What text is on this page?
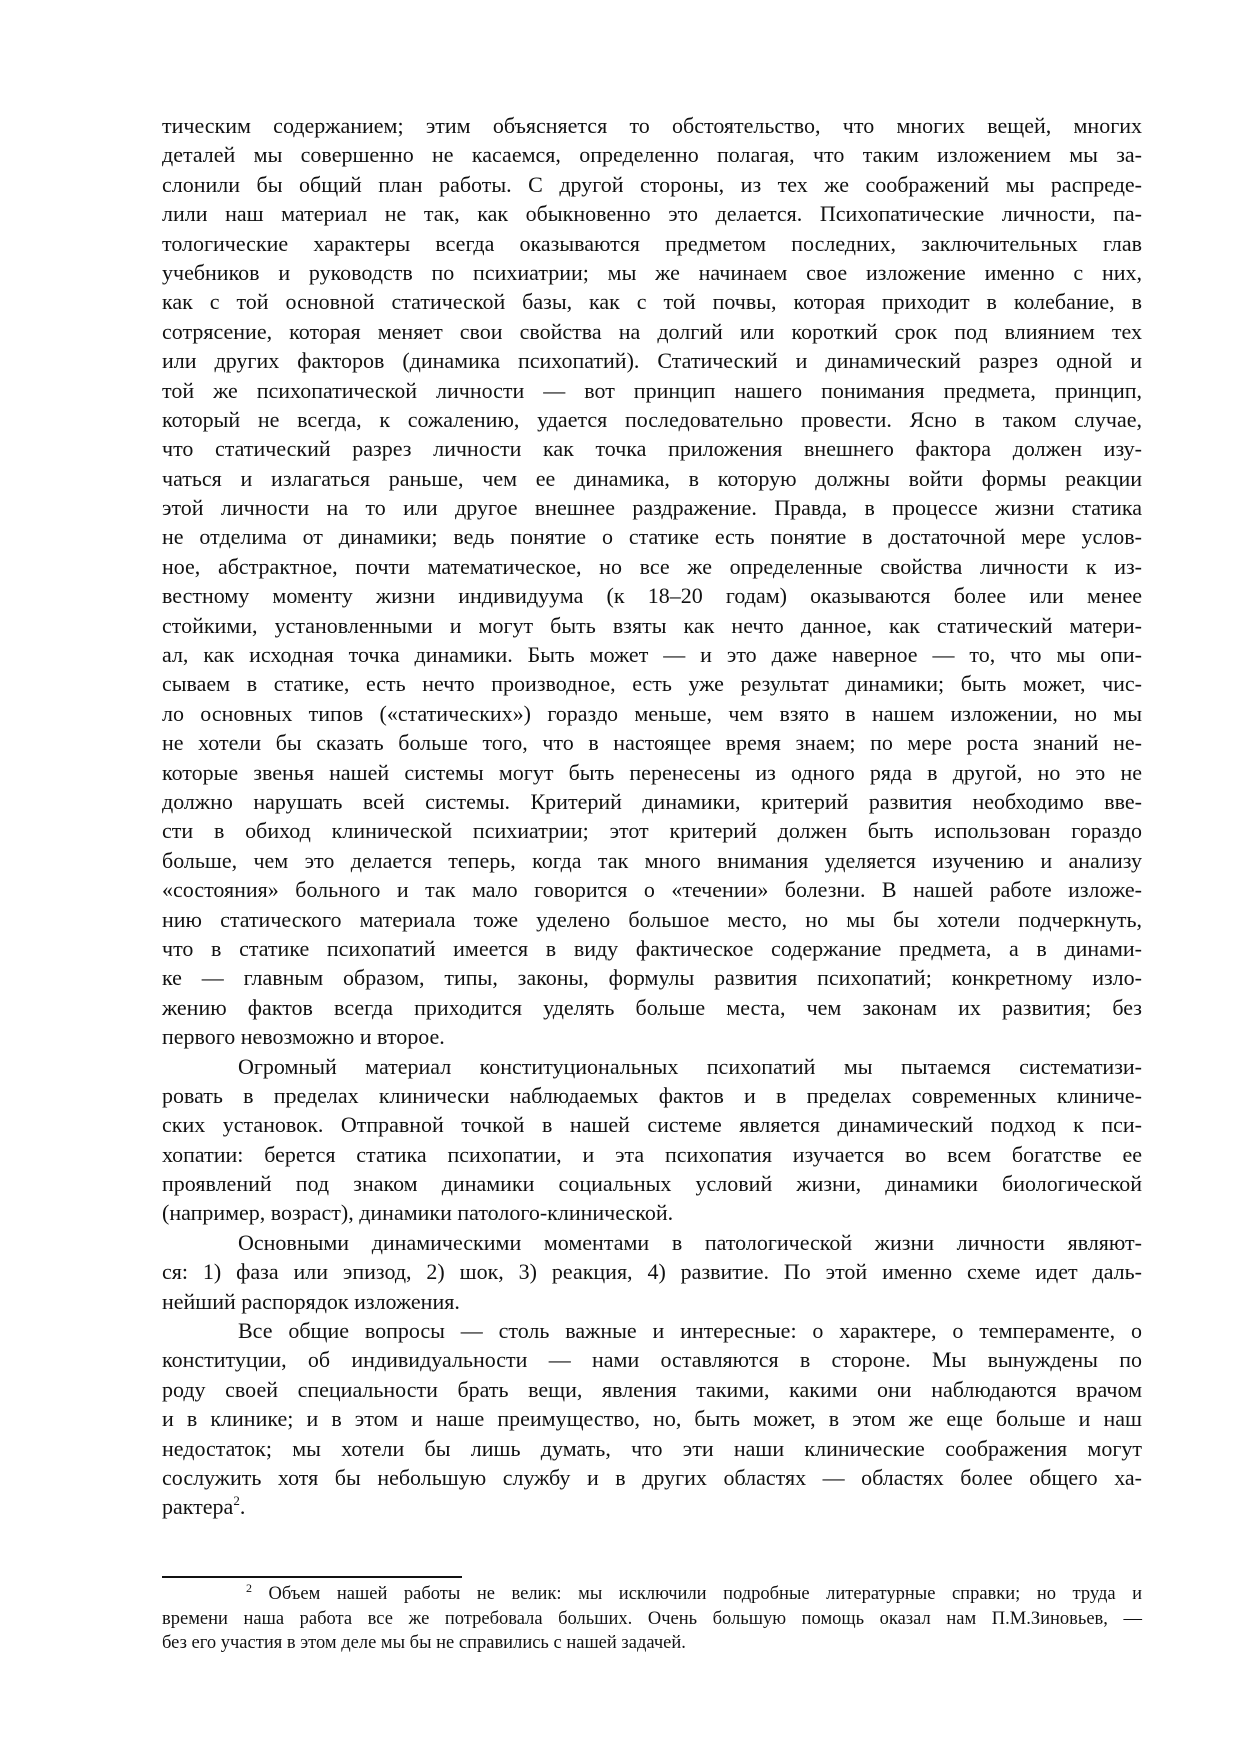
тическим содержанием; этим объясняется то обстоятельство, что многих вещей, многих
деталей мы совершенно не касаемся, определенно полагая, что таким изложением мы за-
слонили бы общий план работы. С другой стороны, из тех же соображений мы распреде-
лили наш материал не так, как обыкновенно это делается. Психопатические личности, па-
тологические характеры всегда оказываются предметом последних, заключительных глав
учебников и руководств по психиатрии; мы же начинаем свое изложение именно с них,
как с той основной статической базы, как с той почвы, которая приходит в колебание, в
сотрясение, которая меняет свои свойства на долгий или короткий срок под влиянием тех
или других факторов (динамика психопатий). Статический и динамический разрез одной и
той же психопатической личности — вот принцип нашего понимания предмета, принцип,
который не всегда, к сожалению, удается последовательно провести. Ясно в таком случае,
что статический разрез личности как точка приложения внешнего фактора должен изу-
чаться и излагаться раньше, чем ее динамика, в которую должны войти формы реакции
этой личности на то или другое внешнее раздражение. Правда, в процессе жизни статика
не отделима от динамики; ведь понятие о статике есть понятие в достаточной мере услов-
ное, абстрактное, почти математическое, но все же определенные свойства личности к из-
вестному моменту жизни индивидуума (к 18–20 годам) оказываются более или менее
стойкими, установленными и могут быть взяты как нечто данное, как статический матери-
ал, как исходная точка динамики. Быть может — и это даже наверное — то, что мы опи-
сываем в статике, есть нечто производное, есть уже результат динамики; быть может, чис-
ло основных типов («статических») гораздо меньше, чем взято в нашем изложении, но мы
не хотели бы сказать больше того, что в настоящее время знаем; по мере роста знаний не-
которые звенья нашей системы могут быть перенесены из одного ряда в другой, но это не
должно нарушать всей системы. Критерий динамики, критерий развития необходимо вве-
сти в обиход клинической психиатрии; этот критерий должен быть использован гораздо
больше, чем это делается теперь, когда так много внимания уделяется изучению и анализу
«состояния» больного и так мало говорится о «течении» болезни. В нашей работе изложе-
нию статического материала тоже уделено большое место, но мы бы хотели подчеркнуть,
что в статике психопатий имеется в виду фактическое содержание предмета, а в динами-
ке — главным образом, типы, законы, формулы развития психопатий; конкретному изло-
жению фактов всегда приходится уделять больше места, чем законам их развития; без
первого невозможно и второе.
Огромный материал конституциональных психопатий мы пытаемся систематизи-
ровать в пределах клинически наблюдаемых фактов и в пределах современных клиниче-
ских установок. Отправной точкой в нашей системе является динамический подход к пси-
хопатии: берется статика психопатии, и эта психопатия изучается во всем богатстве ее
проявлений под знаком динамики социальных условий жизни, динамики биологической
(например, возраст), динамики патолого-клинической.
Основными динамическими моментами в патологической жизни личности являют-
ся: 1) фаза или эпизод, 2) шок, 3) реакция, 4) развитие. По этой именно схеме идет даль-
нейший распорядок изложения.
Все общие вопросы — столь важные и интересные: о характере, о темпераменте, о
конституции, об индивидуальности — нами оставляются в стороне. Мы вынуждены по
роду своей специальности брать вещи, явления такими, какими они наблюдаются врачом
и в клинике; и в этом и наше преимущество, но, быть может, в этом же еще больше и наш
недостаток; мы хотели бы лишь думать, что эти наши клинические соображения могут
сослужить хотя бы небольшую службу и в других областях — областях более общего ха-
рактера$^2$.
$^2$ Объем нашей работы не велик: мы исключили подробные литературные справки; но труда и
времени наша работа все же потребовала больших. Очень большую помощь оказал нам П.М.Зиновьев, —
без его участия в этом деле мы бы не справились с нашей задачей.
